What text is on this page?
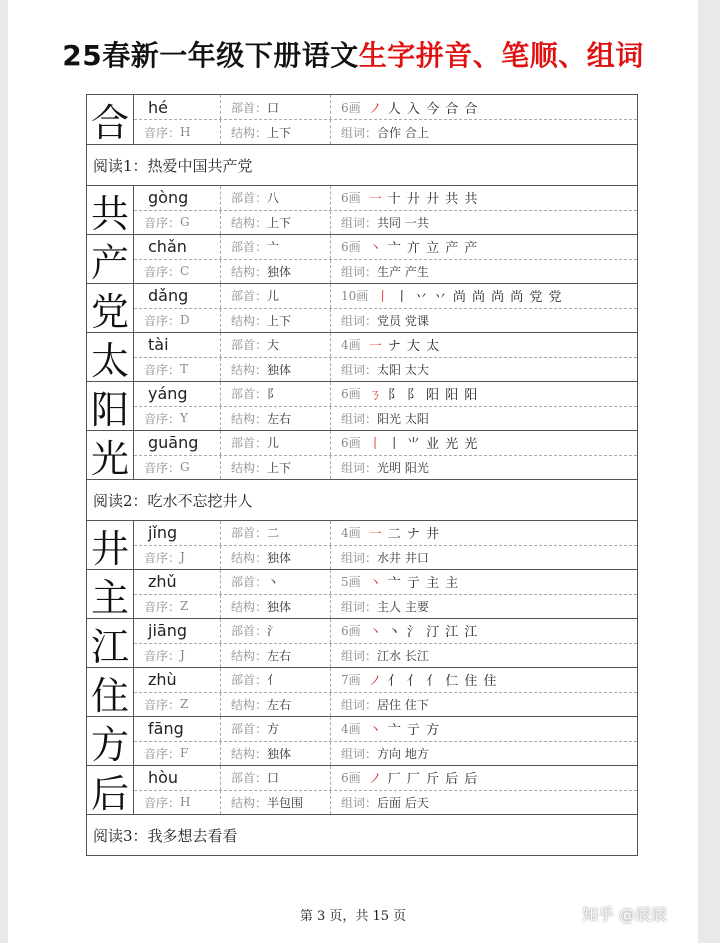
25春新一年级下册语文生字拼音、笔顺、组词
合	hé	部首： 口	6画 ノ 人 入 今 合 合
音序： H	结构： 上下	组词： 合作 合上
阅读1：热爱中国共产党
共	gòng	部首： 八	6画 一 十 廾 廾 共 共
音序： G	结构： 上下	组词： 共同 一共
产	chǎn	部首： 亠	6画 丶 亠 亣 立 产 产
音序： C	结构： 独体	组词： 生产 产生
党	dǎng	部首： 儿	10画 丨 丨 丷 丷 尚 尚 尚 尚 党 党
音序： D	结构： 上下	组词： 党员 党课
太	tài	部首： 大	4画 一 ナ 大 太
音序： T	结构： 独体	组词： 太阳 太大
阳	yáng	部首： 阝	6画 ㄋ 阝 阝 阳 阳 阳
音序： Y	结构： 左右	组词： 阳光 太阳
光	guāng	部首： 儿	6画 丨 丨 ⺌ 业 光 光
音序： G	结构： 上下	组词： 光明 阳光
阅读2：吃水不忘挖井人
井	jǐng	部首： 二	4画 一 二 ナ 井
音序： J	结构： 独体	组词： 水井 井口
主	zhǔ	部首： 丶	5画 丶 亠 亍 主 主
音序： Z	结构： 独体	组词： 主人 主要
江	jiāng	部首： 氵	6画 丶 丶 氵 汀 江 江
音序： J	结构： 左右	组词： 江水 长江
住	zhù	部首： 亻	7画 ノ 亻 亻 亻 仁 住 住
音序： Z	结构： 左右	组词： 居住 住下
方	fāng	部首： 方	4画 丶 亠 亍 方
音序： F	结构： 独体	组词： 方向 地方
后	hòu	部首： 口	6画 ノ 厂 厂 斤 后 后
音序： H	结构： 半包围	组词： 后面 后天
阅读3：我多想去看看
第 3 页，共 15 页	知乎 @辰辰
